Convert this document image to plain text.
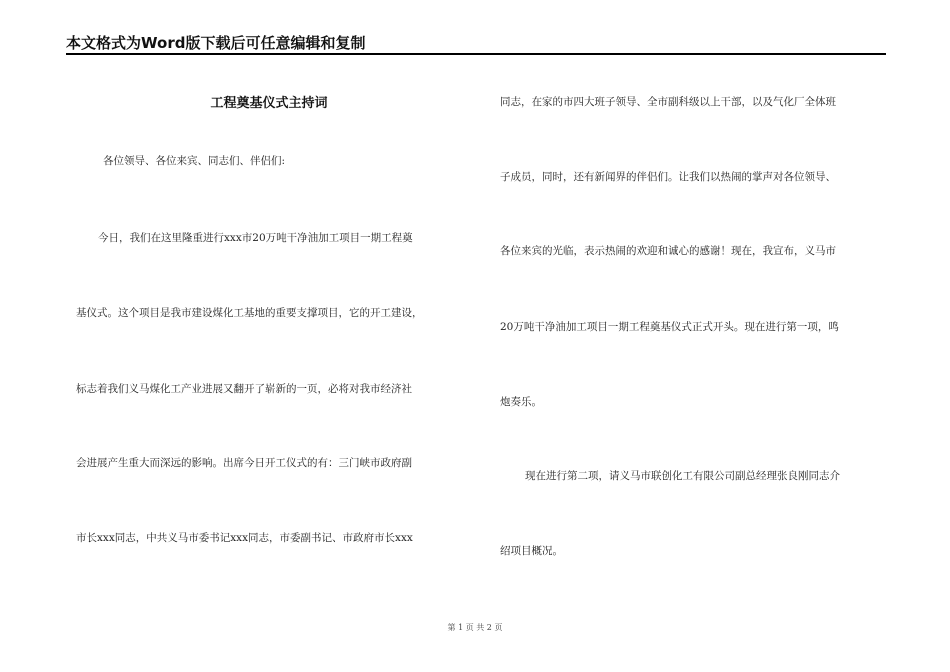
本文格式为Word版下载后可任意编辑和复制
工程奠基仪式主持词
各位领导、各位来宾、同志们、伴侣们:
今日，我们在这里隆重进行xxx市20万吨干净油加工项目一期工程奠
基仪式。这个项目是我市建设煤化工基地的重要支撑项目，它的开工建设，
标志着我们义马煤化工产业进展又翻开了崭新的一页，必将对我市经济社
会进展产生重大而深远的影响。出席今日开工仪式的有：三门峡市政府副
市长xxx同志，中共义马市委书记xxx同志，市委副书记、市政府市长xxx
同志，在家的市四大班子领导、全市副科级以上干部，以及气化厂全体班
子成员，同时，还有新闻界的伴侣们。让我们以热闹的掌声对各位领导、
各位来宾的光临，表示热闹的欢迎和诚心的感谢！现在，我宣布，义马市
20万吨干净油加工项目一期工程奠基仪式正式开头。现在进行第一项，鸣
炮奏乐。
现在进行第二项，请义马市联创化工有限公司副总经理张良刚同志介
绍项目概况。
第 1 页 共 2 页
